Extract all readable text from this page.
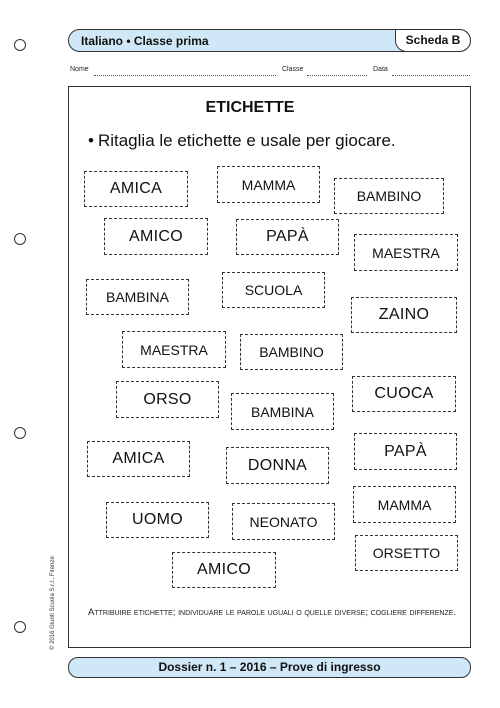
Italiano • Classe prima	Scheda B
Nome	Classe	Data
ETICHETTE
• Ritaglia le etichette e usale per giocare.
AMICA	MAMMA
BAMBINO
AMICO	PAPÀ
MAESTRA
BAMBINA	SCUOLA
ZAINO
MAESTRA	BAMBINO
ORSO	CUOCA
BAMBINA
AMICA	DONNA
PAPÀ
MAMMA
UOMO	NEONATO
ORSETTO
AMICO
Attribuire etichette; individuare le parole uguali o quelle diverse; cogliere differenze.
© 2016 Giunti Scuola S.r.l., Firenze
Dossier n. 1 – 2016 – Prove di ingresso
